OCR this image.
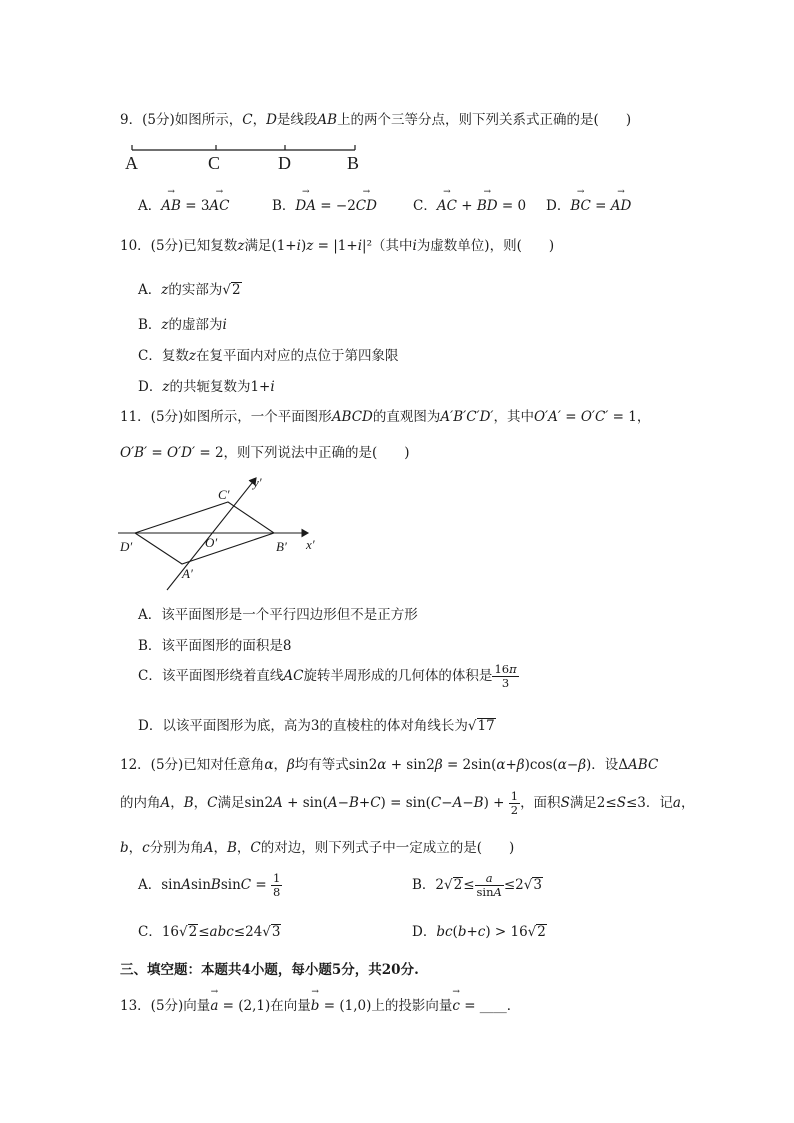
9．(5分)如图所示，C，D是线段AB上的两个三等分点，则下列关系式正确的是(　　)
A	C	D	B
A．→ AB = 3→ AC	B．→ DA = −2→ CD	C．→ AC + → BD = 0 D．→ BC = → AD
10．(5分)已知复数z满足(1+i)z = |1+i|²（其中i为虚数单位)，则(　　)
A．z的实部为√2
B．z的虚部为i
C．复数z在复平面内对应的点位于第四象限
D．z的共轭复数为1+i
11．(5分)如图所示，一个平面图形ABCD的直观图为A′B′C′D′，其中O′A′ = O′C′ = 1，
O′B′ = O′D′ = 2，则下列说法中正确的是(　　)
C′
y′
D′	O′	B′ x′
A′
A．该平面图形是一个平行四边形但不是正方形
B．该平面图形的面积是8
C．该平面图形绕着直线AC旋转半周形成的几何体的体积是 $\frac{16\pi}{3}$
D．以该平面图形为底，高为3的直棱柱的体对角线长为√17
12．(5分)已知对任意角α，β均有等式sin2α + sin2β = 2sin(α+β)cos(α−β)．设ΔABC
的内角A，B，C满足$\sin 2A + \sin(A-B+C) = \sin(C-A-B) + \frac{1}{2}$ ，面积S满足2≤S≤3．记a，
b，c分别为角A，B，C的对边，则下列式子中一定成立的是(　　)
A．sinAsinBsinC = $\frac{1}{8}$	B．$2√2\le \frac{a}{\sin A} \le 2√3$
C．16√2≤abc≤24√3	D．bc(b+c) > 16√2
三、填空题：本题共4小题，每小题5分，共20分.
13．(5分)向量→ a = (2,1)在向量→ b = (1,0)上的投影向量→ c = ____．
